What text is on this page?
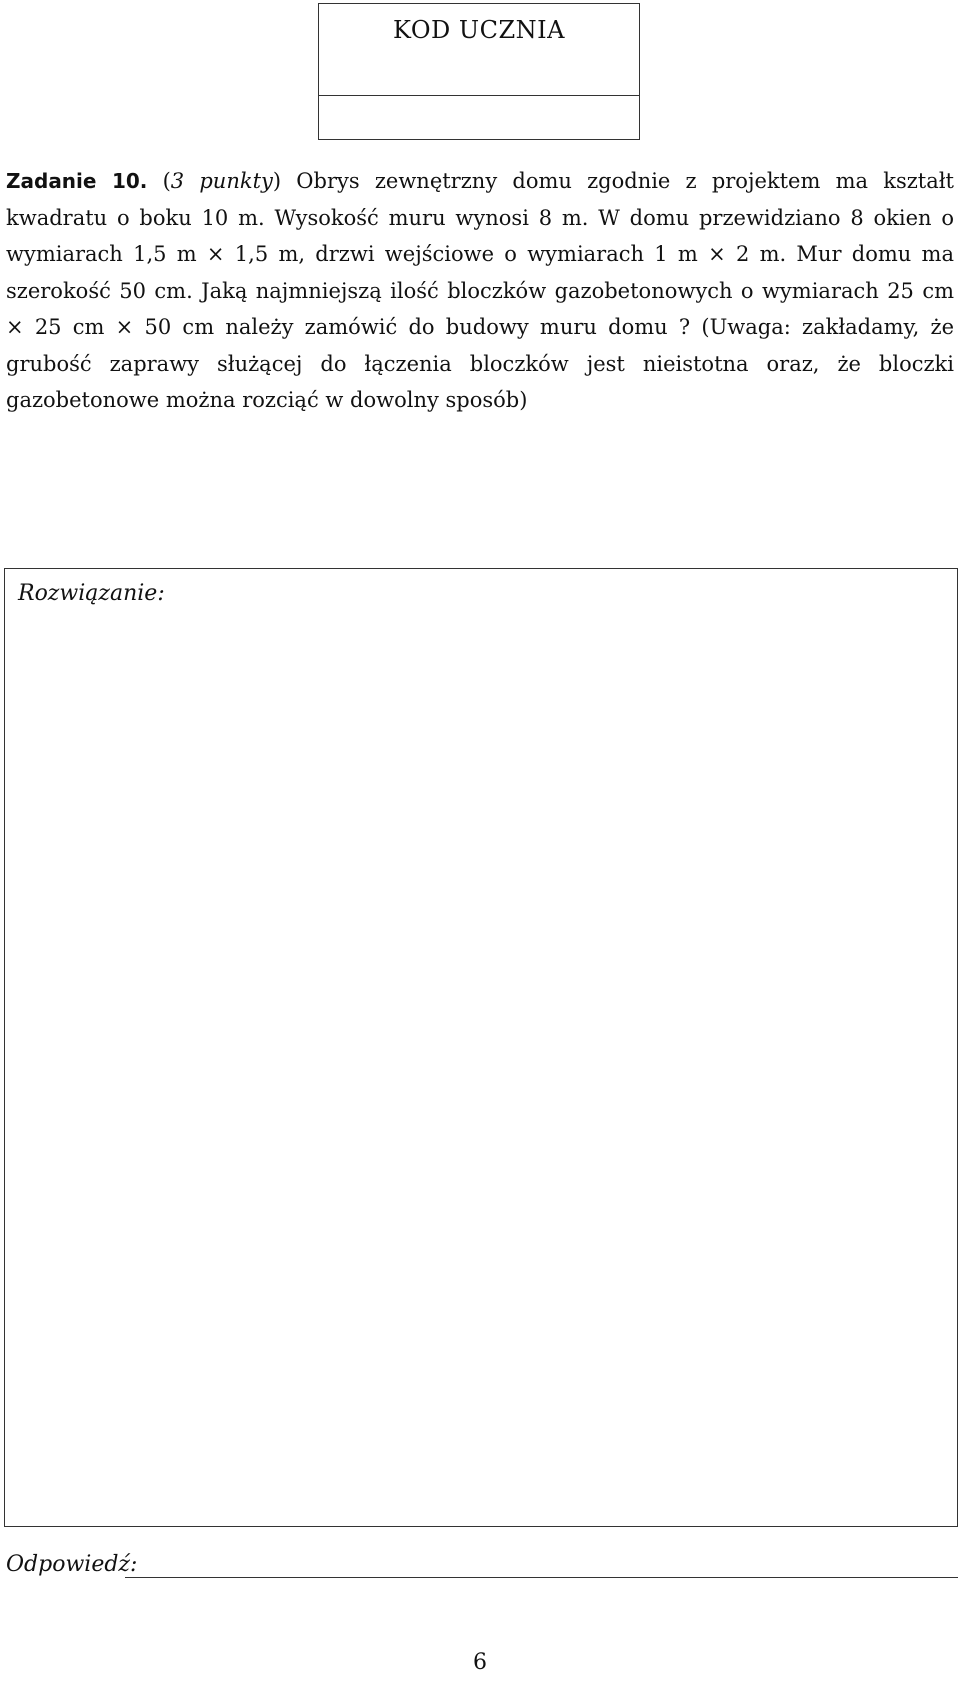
KOD UCZNIA
Zadanie 10. (3 punkty) Obrys zewnętrzny domu zgodnie z projektem ma kształt kwadratu o boku 10 m. Wysokość muru wynosi 8 m. W domu przewidziano 8 okien o wymiarach 1,5 m × 1,5 m, drzwi wejściowe o wymiarach 1 m × 2 m. Mur domu ma szerokość 50 cm. Jaką najmniejszą ilość bloczków gazobetonowych o wymiarach 25 cm × 25 cm × 50 cm należy zamówić do budowy muru domu ? (Uwaga: zakładamy, że grubość zaprawy służącej do łączenia bloczków jest nieistotna oraz, że bloczki gazobetonowe można rozciąć w dowolny sposób)
Rozwiązanie:
Odpowiedź:
6
